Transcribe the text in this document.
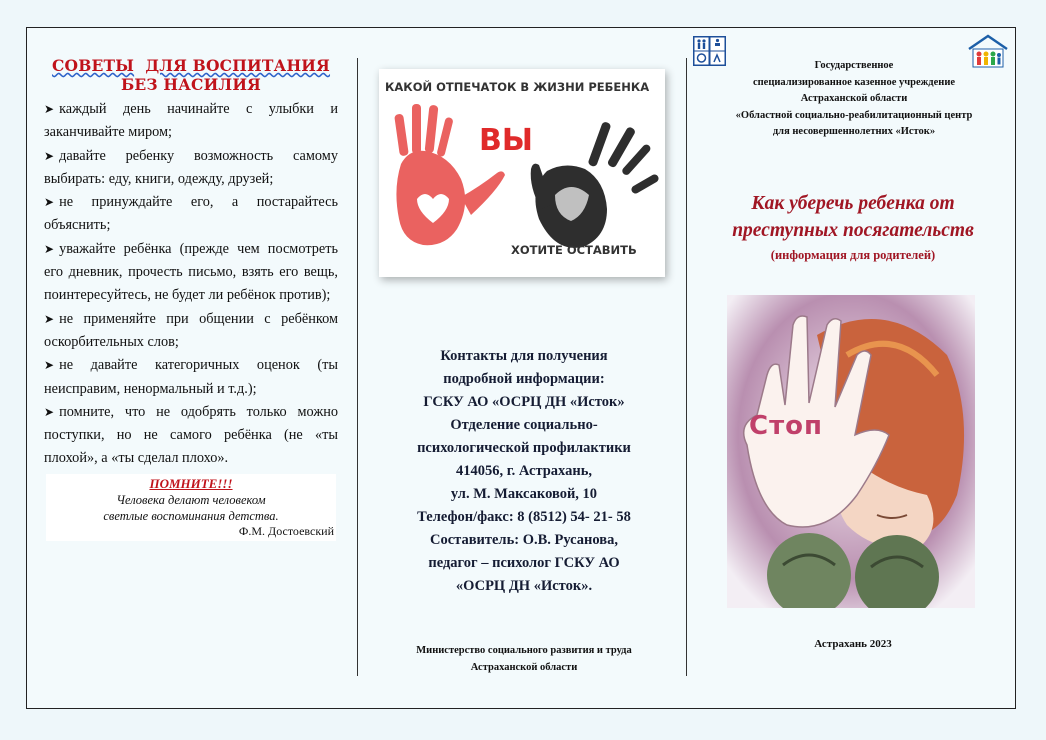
СОВЕТЫ ДЛЯ ВОСПИТАНИЯ
БЕЗ НАСИЛИЯ
➤ каждый день начинайте с улыбки и заканчивайте миром;
➤ давайте ребенку возможность самому выбирать: еду, книги, одежду, друзей;
➤ не принуждайте его, а постарайтесь объяснить;
➤ уважайте ребёнка (прежде чем посмотреть его дневник, прочесть письмо, взять его вещь, поинтересуйтесь, не будет ли ребёнок против);
➤ не применяйте при общении с ребёнком оскорбительных слов;
➤ не давайте категоричных оценок (ты неисправим, ненормальный и т.д.);
➤ помните, что не одобрять только можно поступки, но не самого ребёнка (не «ты плохой», а «ты сделал плохо».
ПОМНИТЕ!!!
Человека делают человеком
светлые воспоминания детства.
Ф.М. Достоевский
КАКОЙ ОТПЕЧАТОК В ЖИЗНИ РЕБЕНКА
ВЫ
ХОТИТЕ ОСТАВИТЬ
Контакты для получения
подробной информации:
ГСКУ АО «ОСРЦ ДН «Исток»
Отделение социально-
психологической профилактики
414056, г. Астрахань,
ул. М. Максаковой, 10
Телефон/факс: 8 (8512) 54- 21- 58
Составитель: О.В. Русанова,
педагог – психолог ГСКУ АО
«ОСРЦ ДН «Исток».
Министерство социального развития и труда
Астраханской области
Государственное
специализированное казенное учреждение
Астраханской области
«Областной социально-реабилитационный центр
для несовершеннолетних «Исток»
Как уберечь ребенка от
преступных посягательств
(информация для родителей)
Стоп
Астрахань 2023
